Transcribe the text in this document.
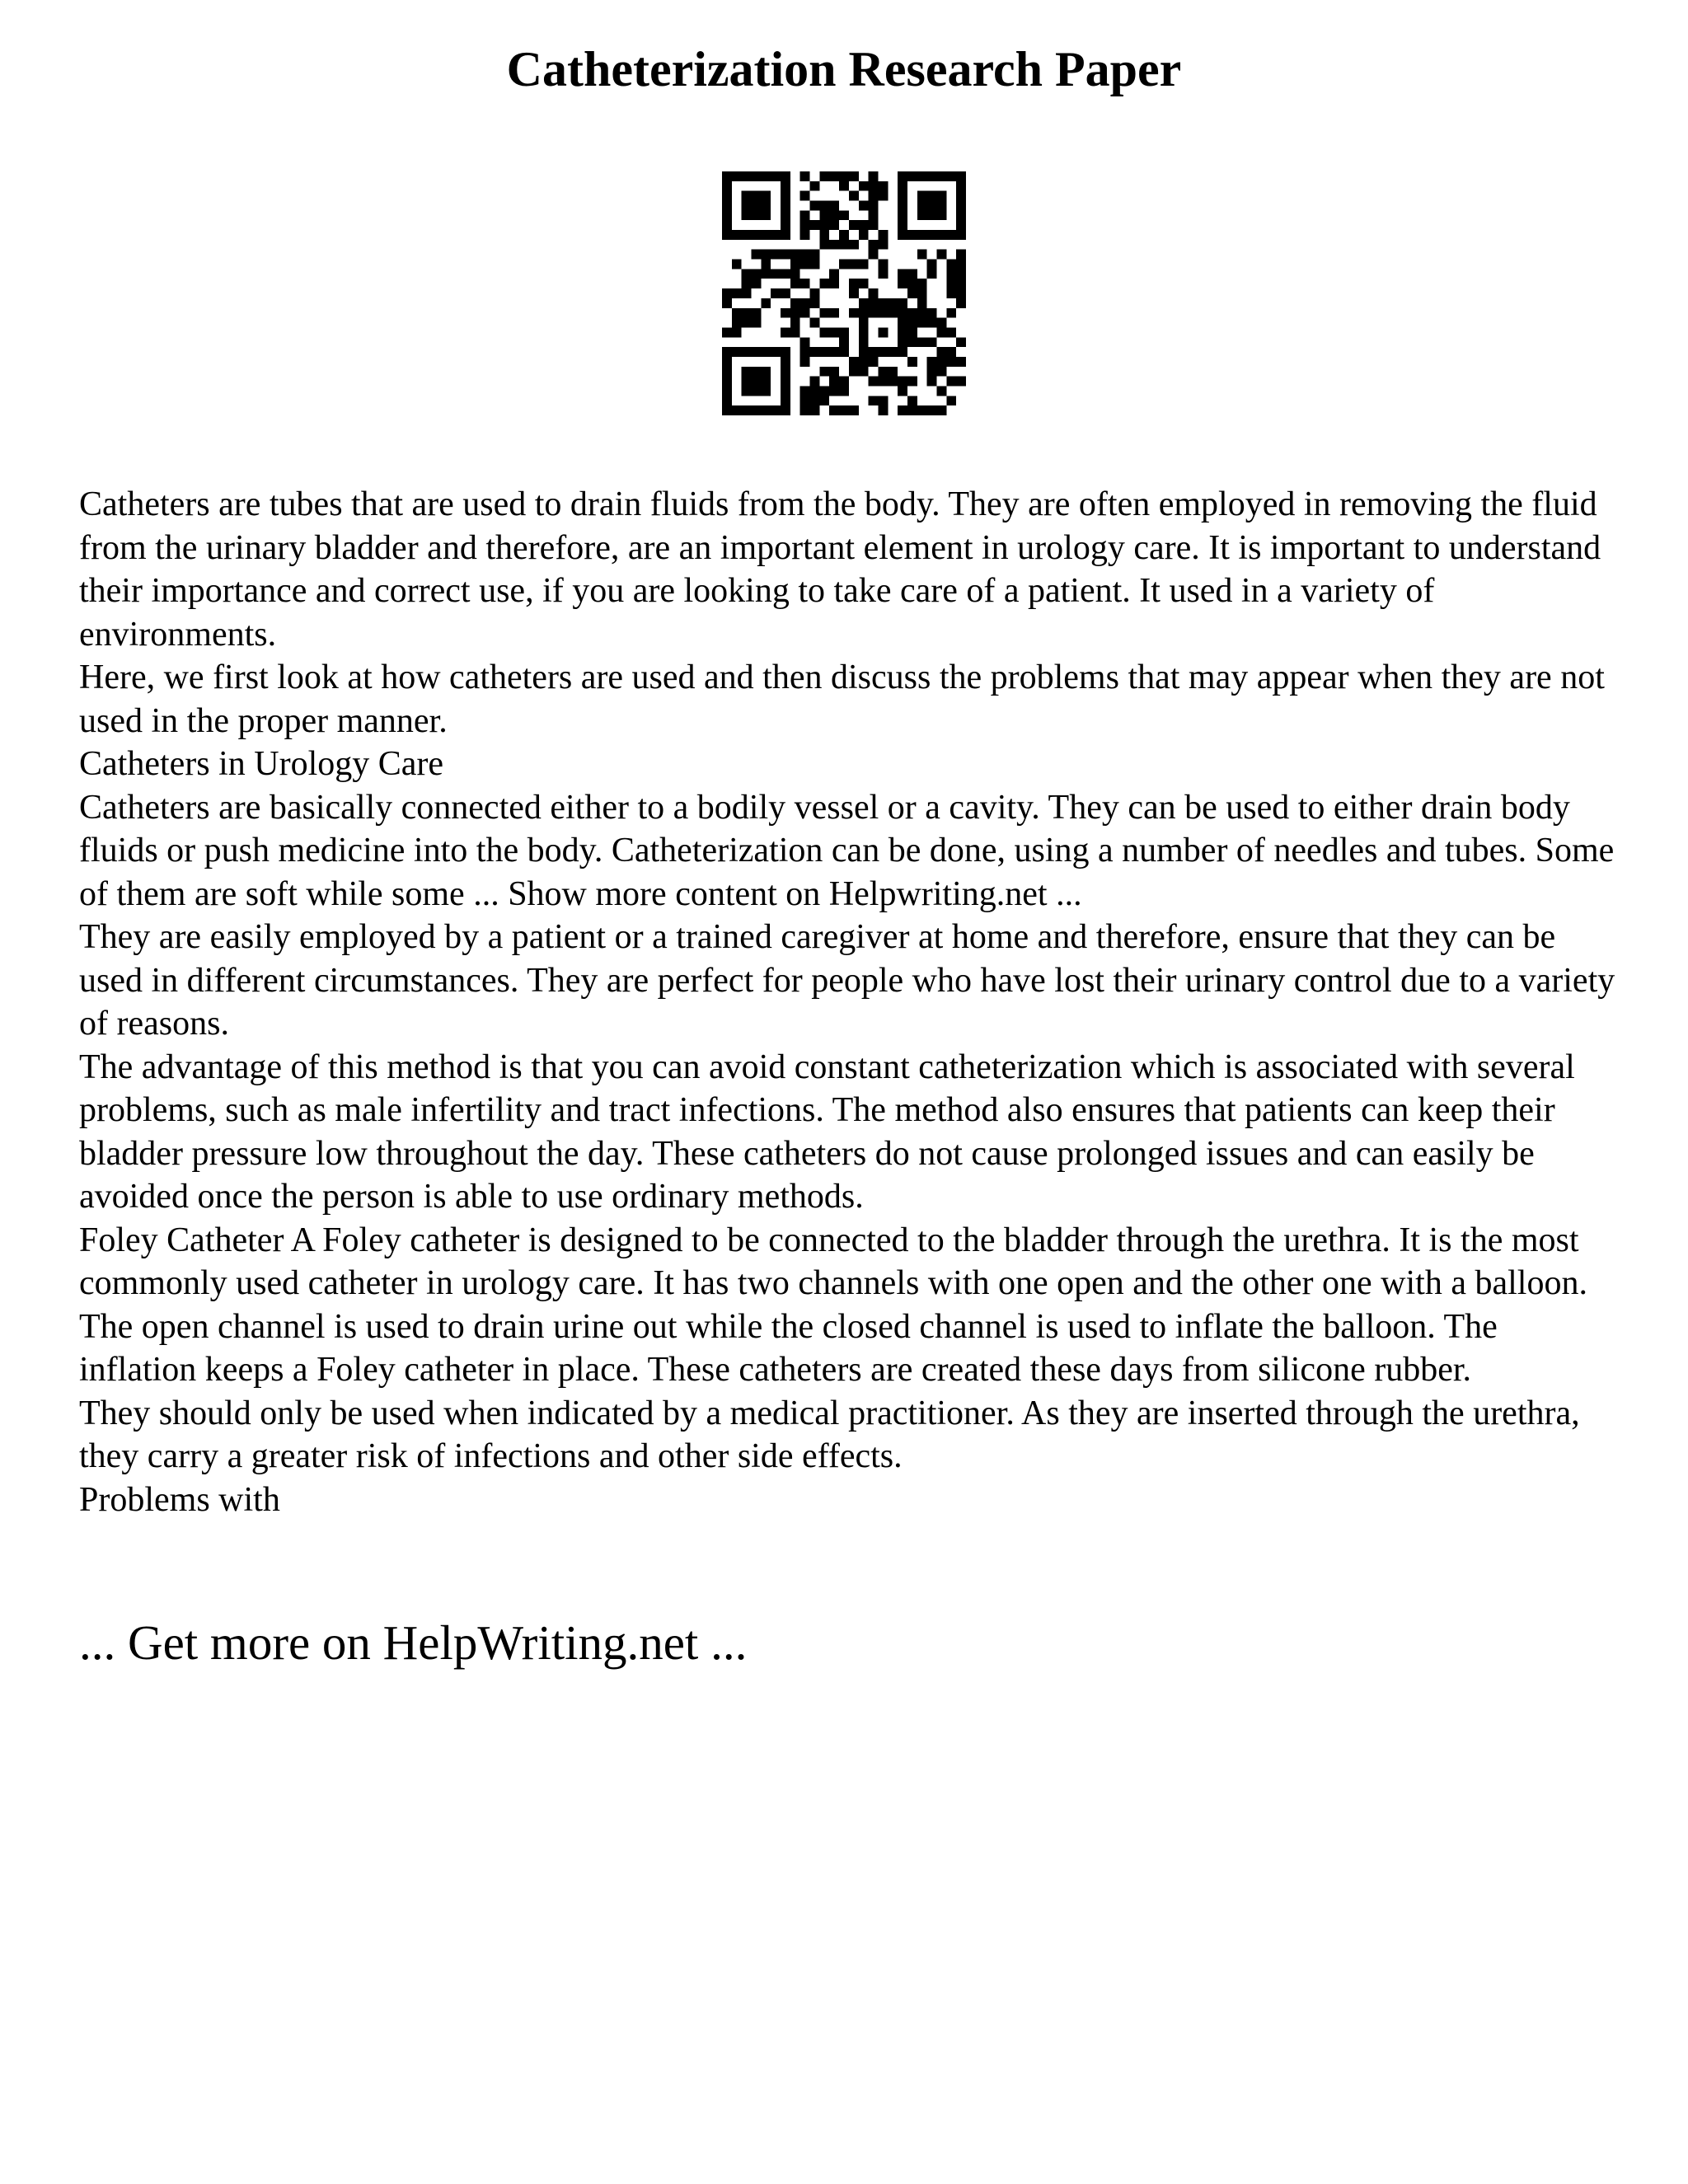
Catheterization Research Paper

Catheters are tubes that are used to drain fluids from the body. They are often employed in removing the fluid from the urinary bladder and therefore, are an important element in urology care. It is important to understand their importance and correct use, if you are looking to take care of a patient. It used in a variety of environments.

Here, we first look at how catheters are used and then discuss the problems that may appear when they are not used in the proper manner.

Catheters in Urology Care

Catheters are basically connected either to a bodily vessel or a cavity. They can be used to either drain body fluids or push medicine into the body. Catheterization can be done, using a number of needles and tubes. Some of them are soft while some ... Show more content on Helpwriting.net ...

They are easily employed by a patient or a trained caregiver at home and therefore, ensure that they can be used in different circumstances. They are perfect for people who have lost their urinary control due to a variety of reasons.

The advantage of this method is that you can avoid constant catheterization which is associated with several problems, such as male infertility and tract infections. The method also ensures that patients can keep their bladder pressure low throughout the day. These catheters do not cause prolonged issues and can easily be avoided once the person is able to use ordinary methods.

Foley Catheter A Foley catheter is designed to be connected to the bladder through the urethra. It is the most commonly used catheter in urology care. It has two channels with one open and the other one with a balloon. The open channel is used to drain urine out while the closed channel is used to inflate the balloon. The inflation keeps a Foley catheter in place. These catheters are created these days from silicone rubber.

They should only be used when indicated by a medical practitioner. As they are inserted through the urethra, they carry a greater risk of infections and other side effects.

Problems with

... Get more on HelpWriting.net ...
